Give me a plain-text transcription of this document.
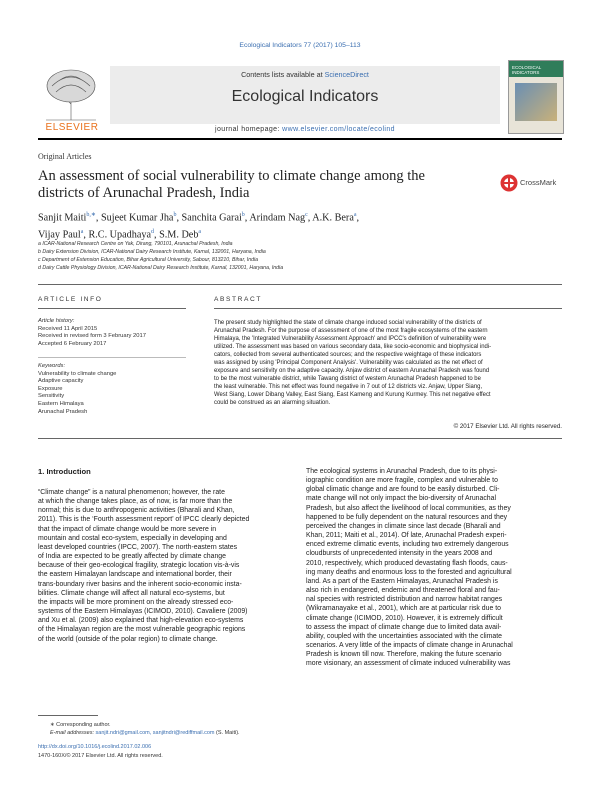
Ecological Indicators 77 (2017) 105–113
ELSEVIER
Contents lists available at ScienceDirect
Ecological Indicators
ECOLOGICAL INDICATORS
journal homepage: www.elsevier.com/locate/ecolind
Original Articles
An assessment of social vulnerability to climate change among the
districts of Arunachal Pradesh, India
CrossMark
Sanjit Maiti$^{b,∗}$, Sujeet Kumar Jha$^b$, Sanchita Garai$^b$, Arindam Nag$^c$, A.K. Bera$^a$,
Vijay Paul$^a$, R.C. Upadhaya$^d$, S.M. Deb$^a$
a ICAR-National Research Centre on Yak, Dirang, 790101, Arunachal Pradesh, India
b Dairy Extension Division, ICAR-National Dairy Research Institute, Karnal, 132001, Haryana, India
c Department of Extension Education, Bihar Agricultural University, Sabour, 813210, Bihar, India
d Dairy Cattle Physiology Division, ICAR-National Dairy Research Institute, Karnal, 132001, Haryana, India
ARTICLE INFO	ABSTRACT
Article history:
Received 11 April 2015
Received in revised form 3 February 2017
Accepted 6 February 2017
Keywords:
Vulnerability to climate change
Adaptive capacity
Exposure
Sensitivity
Eastern Himalaya
Arunachal Pradesh
The present study highlighted the state of climate change induced social vulnerability of the districts of
Arunachal Pradesh. For the purpose of assessment of one of the most fragile ecosystems of the eastern
Himalaya, the 'Integrated Vulnerability Assessment Approach' and IPCC's definition of vulnerability were
utilized. The assessment was based on various secondary data, like socio-economic and biophysical indi-
cators, collected from several authenticated sources; and the respective weightage of these indicators
was assigned by using 'Principal Component Analysis'. Vulnerability was calculated as the net effect of
exposure and sensitivity on the adaptive capacity. Anjaw district of eastern Arunachal Pradesh was found
to be the most vulnerable district, while Tawang district of western Arunachal Pradesh happened to be
the least vulnerable. This net effect was found negative in 7 out of 12 districts viz. Anjaw, Upper Siang,
West Siang, Lower Dibang Valley, East Siang, East Kameng and Kurung Kurmey. This net negative effect
could be construed as an alarming situation.
© 2017 Elsevier Ltd. All rights reserved.
1. Introduction
“Climate change” is a natural phenomenon; however, the rate
at which the change takes place, as of now, is far more than the
normal; this is due to anthropogenic activities (Bharali and Khan,
2011). This is the ‘Fourth assessment report’ of IPCC clearly depicted
that the impact of climate change would be more severe in
mountain and costal eco-system, especially in developing and
least developed countries (IPCC, 2007). The north-eastern states
of India are expected to be greatly affected by climate change
because of their geo-ecological fragility, strategic location vis-à-vis
the eastern Himalayan landscape and international border, their
trans-boundary river basins and the inherent socio-economic insta-
bilities. Climate change will affect all natural eco-systems, but
the impacts will be more prominent on the already stressed eco-
systems of the Eastern Himalayas (ICIMOD, 2010). Cavaliere (2009)
and Xu et al. (2009) also explained that high-elevation eco-systems
of the Himalayan region are the most vulnerable geographic regions
of the world (outside of the polar region) to climate change.
The ecological systems in Arunachal Pradesh, due to its physi-
iographic condition are more fragile, complex and vulnerable to
global climatic change and are found to be easily disturbed. Cli-
mate change will not only impact the bio-diversity of Arunachal
Pradesh, but also affect the livelihood of local communities, as they
happened to be fully dependent on the natural resources and they
perceived the changes in climate since last decade (Bharali and
Khan, 2011; Maiti et al., 2014). Of late, Arunachal Pradesh experi-
enced extreme climatic events, including two extremely dangerous
cloudbursts of unprecedented intensity in the years 2008 and
2010, respectively, which produced devastating flash floods, caus-
ing many deaths and enormous loss to the forested and agricultural
land. As a part of the Eastern Himalayas, Arunachal Pradesh is
also rich in endangered, endemic and threatened floral and fau-
nal species with restricted distribution and narrow habitat ranges
(Wikramanayake et al., 2001), which are at particular risk due to
climate change (ICIMOD, 2010). However, it is extremely difficult
to assess the impact of climate change due to limited data avail-
ability, coupled with the uncertainties associated with the climate
scenarios. A very little of the impacts of climate change in Arunachal
Pradesh is known till now. Therefore, making the future scenario
more visionary, an assessment of climate induced vulnerability was
∗ Corresponding author.
E-mail addresses: sanjit.ndri@gmail.com, sanjitndri@rediffmail.com (S. Maiti).
http://dx.doi.org/10.1016/j.ecolind.2017.02.006
1470-160X/© 2017 Elsevier Ltd. All rights reserved.
